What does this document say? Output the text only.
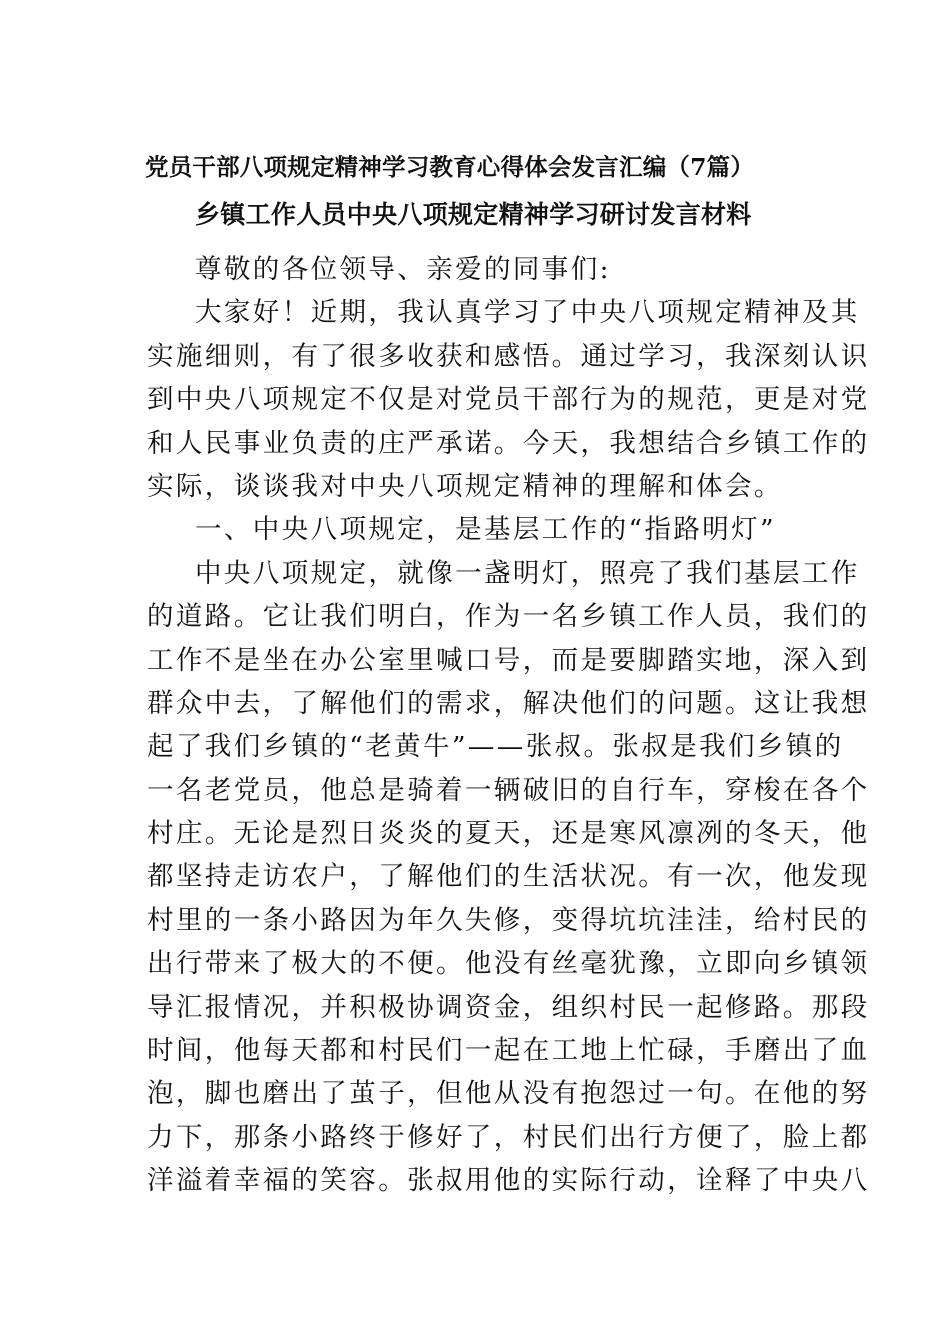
党员干部八项规定精神学习教育心得体会发言汇编（7篇）
乡镇工作人员中央八项规定精神学习研讨发言材料
尊敬的各位领导、亲爱的同事们:
大家好！近期，我认真学习了中央八项规定精神及其
实施细则，有了很多收获和感悟。通过学习，我深刻认识
到中央八项规定不仅是对党员干部行为的规范，更是对党
和人民事业负责的庄严承诺。今天，我想结合乡镇工作的
实际，谈谈我对中央八项规定精神的理解和体会。
一、中央八项规定，是基层工作的“指路明灯”
中央八项规定，就像一盏明灯，照亮了我们基层工作
的道路。它让我们明白，作为一名乡镇工作人员，我们的
工作不是坐在办公室里喊口号，而是要脚踏实地，深入到
群众中去，了解他们的需求，解决他们的问题。这让我想
起了我们乡镇的“老黄牛”——张叔。张叔是我们乡镇的
一名老党员，他总是骑着一辆破旧的自行车，穿梭在各个
村庄。无论是烈日炎炎的夏天，还是寒风凛冽的冬天，他
都坚持走访农户，了解他们的生活状况。有一次，他发现
村里的一条小路因为年久失修，变得坑坑洼洼，给村民的
出行带来了极大的不便。他没有丝毫犹豫，立即向乡镇领
导汇报情况，并积极协调资金，组织村民一起修路。那段
时间，他每天都和村民们一起在工地上忙碌，手磨出了血
泡，脚也磨出了茧子，但他从没有抱怨过一句。在他的努
力下，那条小路终于修好了，村民们出行方便了，脸上都
洋溢着幸福的笑容。张叔用他的实际行动，诠释了中央八
